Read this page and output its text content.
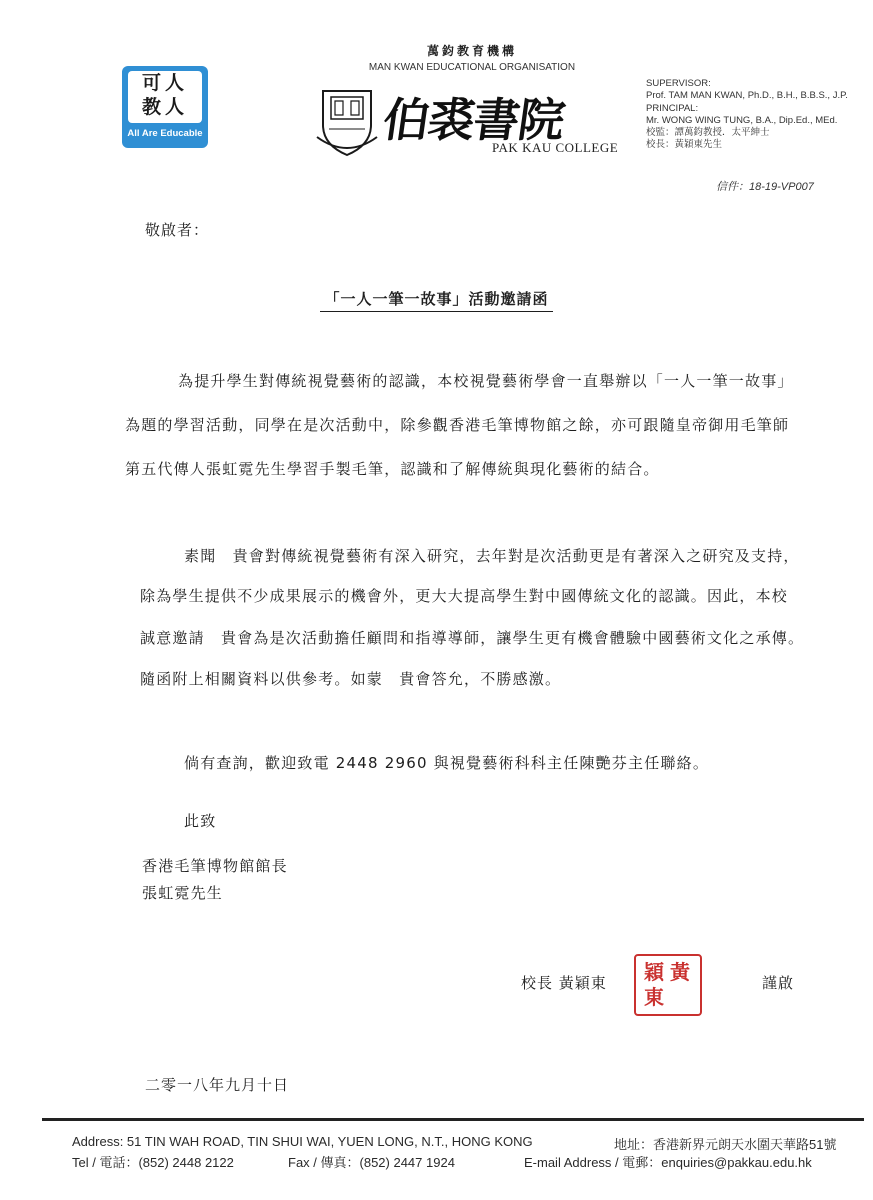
可人
教人
All Are Educable
萬鈞教育機構
MAN KWAN EDUCATIONAL ORGANISATION
伯裘書院
PAK KAU COLLEGE
SUPERVISOR:
Prof. TAM MAN KWAN, Ph.D., B.H., B.B.S., J.P.
PRINCIPAL:
Mr. WONG WING TUNG, B.A., Dip.Ed., MEd.
校監：譚萬鈞教授．太平紳士
校長：黃穎東先生
信件：18-19-VP007
敬啟者：
「一人一筆一故事」活動邀請函
為提升學生對傳統視覺藝術的認識，本校視覺藝術學會一直舉辦以「一人一筆一故事」
為題的學習活動，同學在是次活動中，除參觀香港毛筆博物館之餘，亦可跟隨皇帝御用毛筆師
第五代傳人張虹霓先生學習手製毛筆，認識和了解傳統與現化藝術的結合。
素聞　貴會對傳統視覺藝術有深入研究，去年對是次活動更是有著深入之研究及支持，
除為學生提供不少成果展示的機會外，更大大提高學生對中國傳統文化的認識。因此，本校
誠意邀請　貴會為是次活動擔任顧問和指導導師，讓學生更有機會體驗中國藝術文化之承傳。
隨函附上相關資料以供參考。如蒙　貴會答允，不勝感激。
倘有查詢，歡迎致電 2448 2960 與視覺藝術科科主任陳艷芬主任聯絡。
此致
香港毛筆博物館館長
張虹霓先生
校長 黃穎東	黃
穎
東
謹啟
二零一八年九月十日
Address: 51 TIN WAH ROAD, TIN SHUI WAI, YUEN LONG, N.T., HONG KONG	地址：香港新界元朗天水圍天華路51號
Tel / 電話：(852) 2448 2122	Fax / 傳真：(852) 2447 1924	E-mail Address / 電郵：enquiries@pakkau.edu.hk
